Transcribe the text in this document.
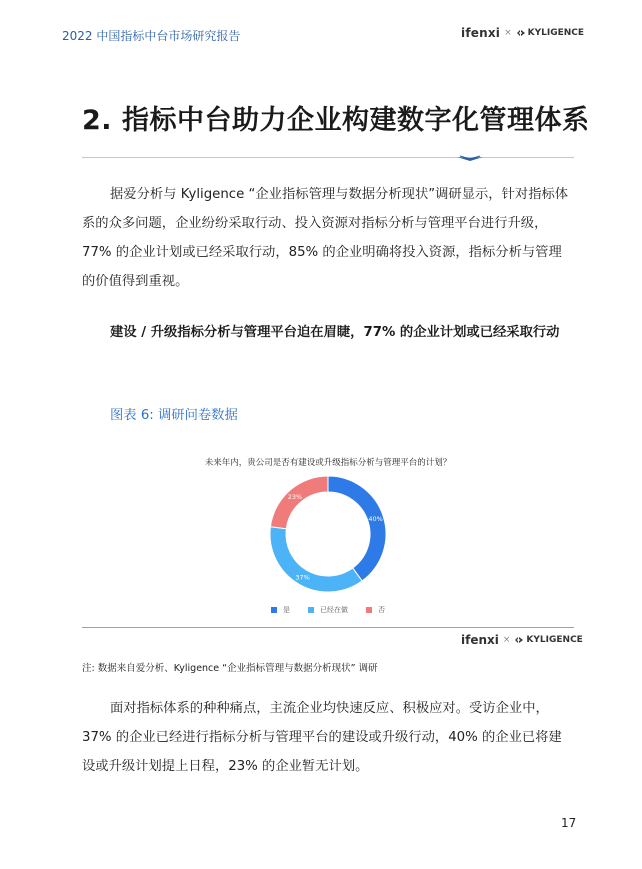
2022 中国指标中台市场研究报告	ifenxi × KYLIGENCE
2. 指标中台助力企业构建数字化管理体系
据爱分析与 Kyligence “企业指标管理与数据分析现状”调研显示，针对指标体系的众多问题，企业纷纷采取行动、投入资源对指标分析与管理平台进行升级，77% 的企业计划或已经采取行动，85% 的企业明确将投入资源，指标分析与管理的价值得到重视。
建设 / 升级指标分析与管理平台迫在眉睫，77% 的企业计划或已经采取行动
图表 6: 调研问卷数据
未来年内，贵公司是否有建设或升级指标分析与管理平台的计划？
40%
37%
23%
是	已经在做	否
ifenxi × KYLIGENCE
注: 数据来自爱分析、Kyligence “企业指标管理与数据分析现状” 调研
面对指标体系的种种痛点，主流企业均快速反应、积极应对。受访企业中，37% 的企业已经进行指标分析与管理平台的建设或升级行动，40% 的企业已将建设或升级计划提上日程，23% 的企业暂无计划。
17
